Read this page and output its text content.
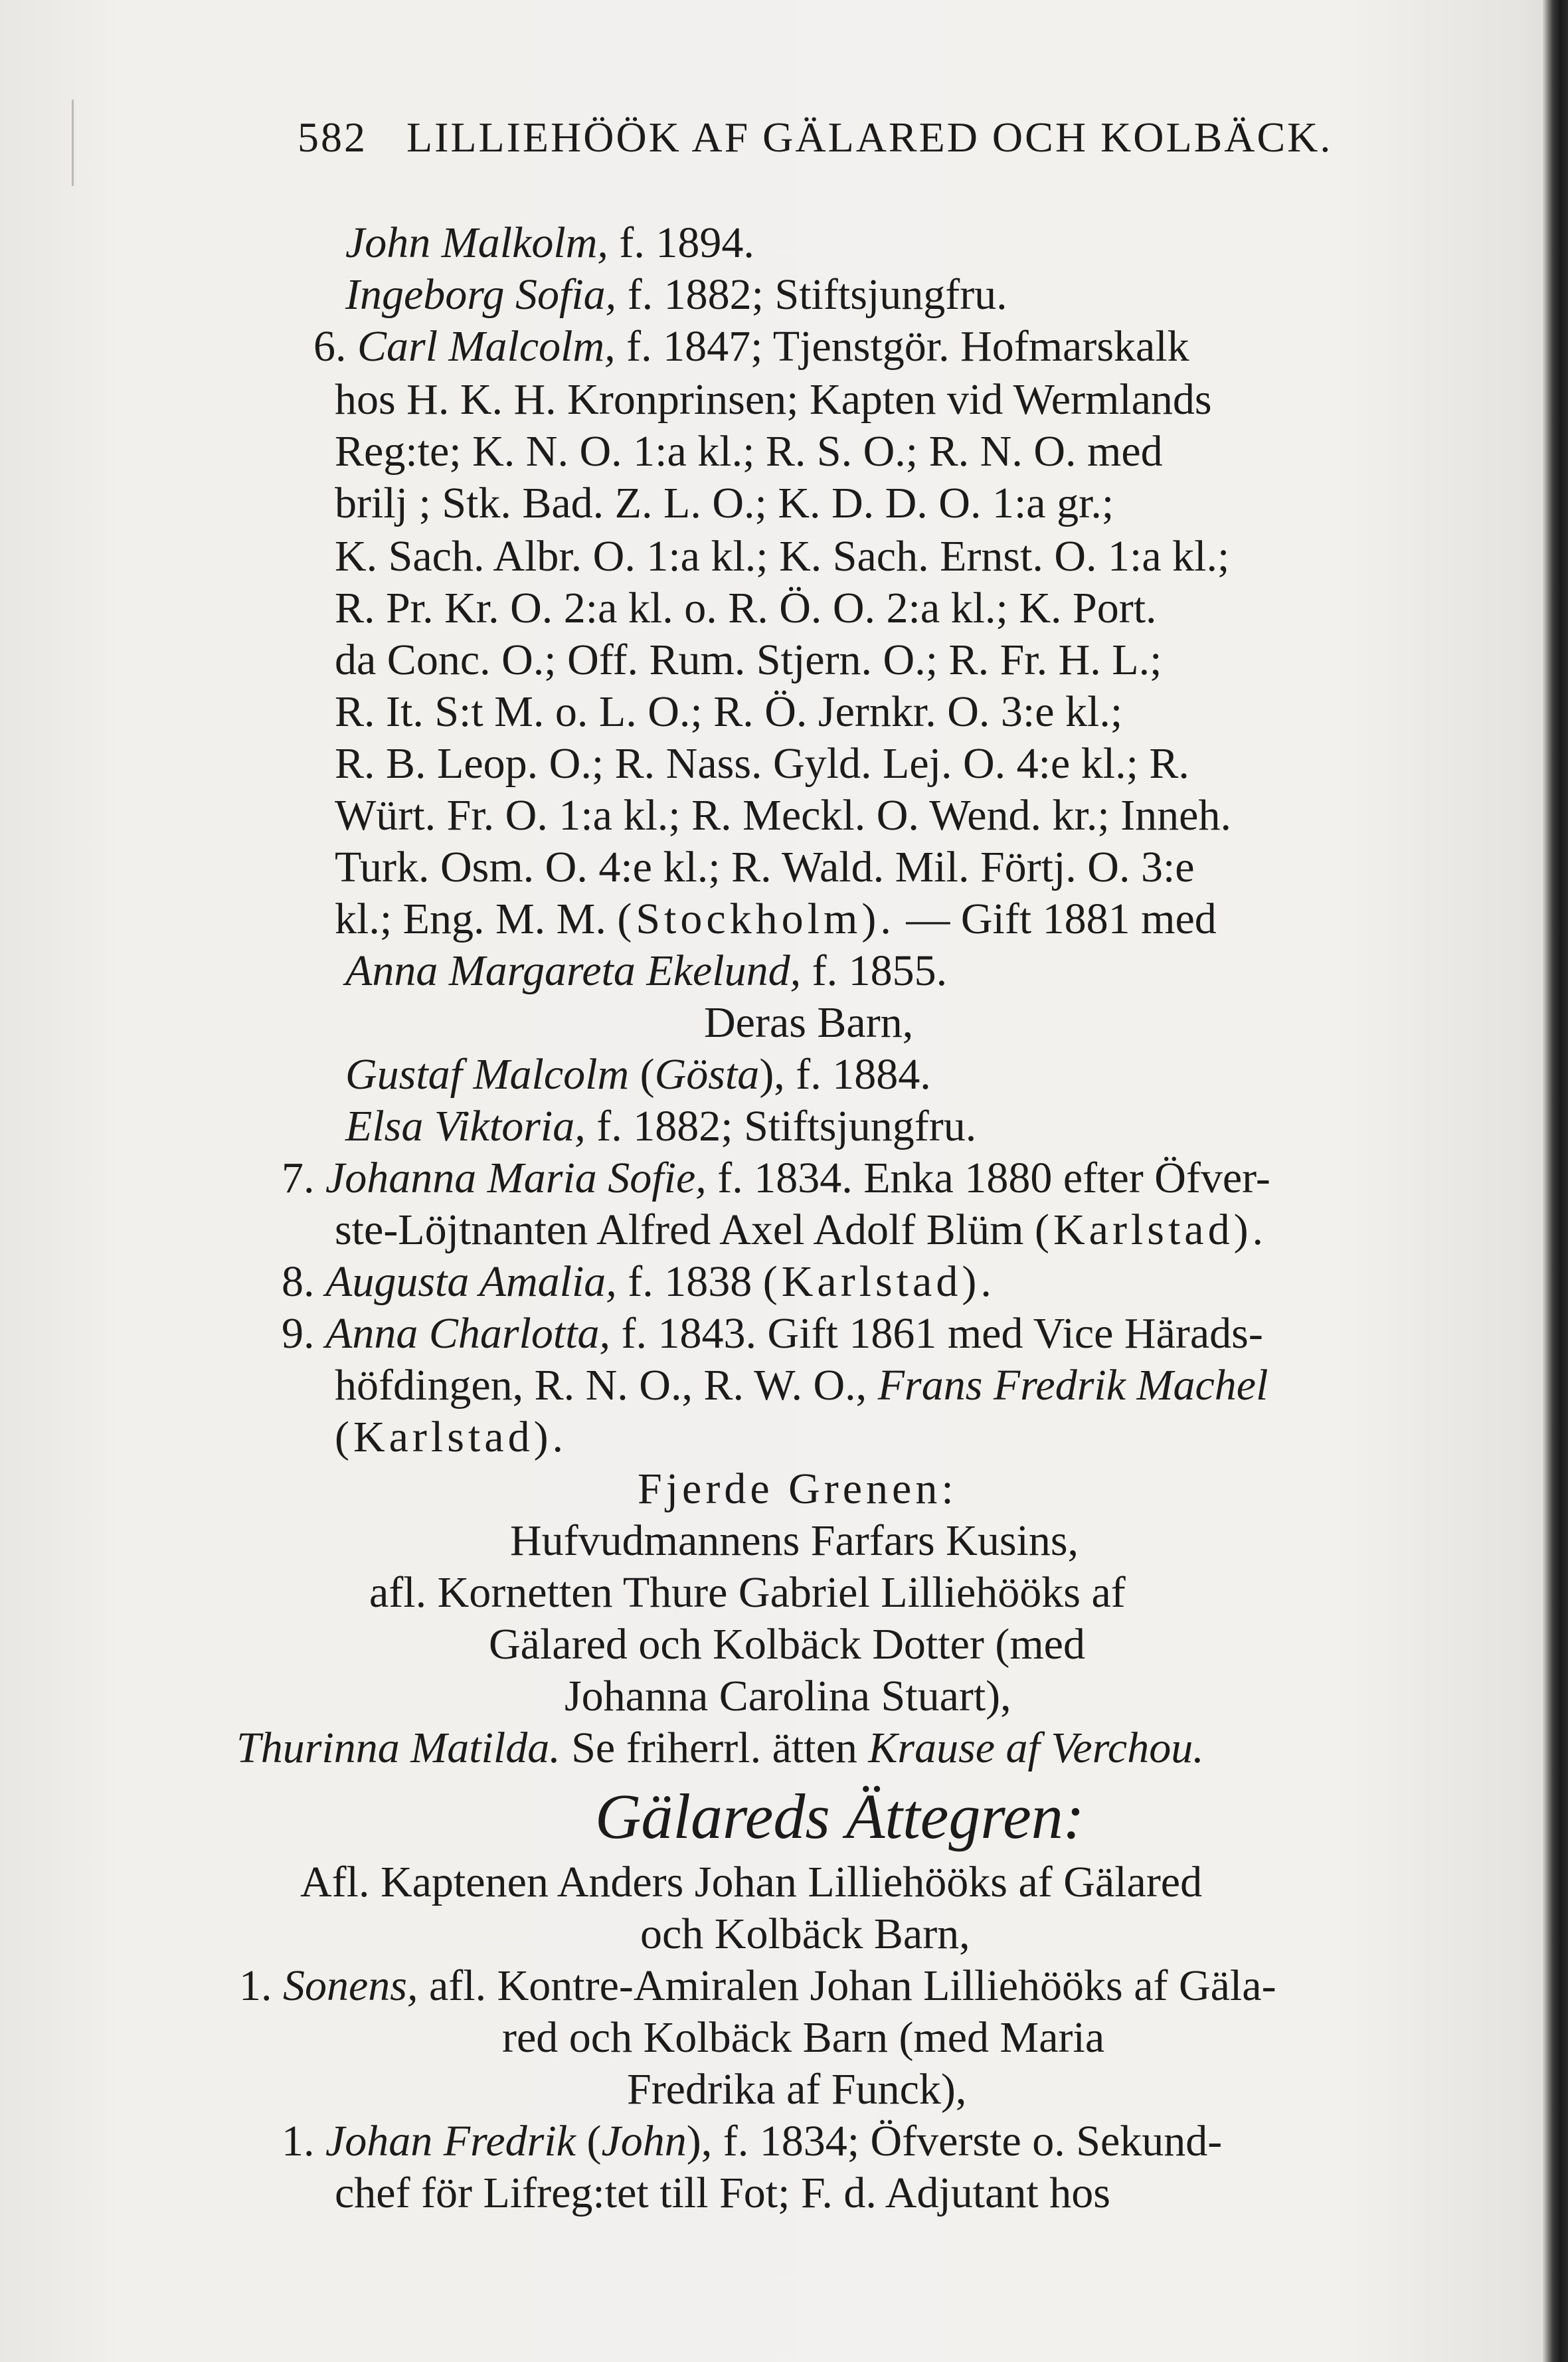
582 LILLIEHÖÖK AF GÄLARED OCH KOLBÄCK.
John Malkolm, f. 1894.
Ingeborg Sofia, f. 1882; Stiftsjungfru.
6. Carl Malcolm, f. 1847; Tjenstgör. Hofmarskalk
hos H. K. H. Kronprinsen; Kapten vid Wermlands
Reg:te; K. N. O. 1:a kl.; R. S. O.; R. N. O. med
brilj ; Stk. Bad. Z. L. O.; K. D. D. O. 1:a gr.;
K. Sach. Albr. O. 1:a kl.; K. Sach. Ernst. O. 1:a kl.;
R. Pr. Kr. O. 2:a kl. o. R. Ö. O. 2:a kl.; K. Port.
da Conc. O.; Off. Rum. Stjern. O.; R. Fr. H. L.;
R. It. S:t M. o. L. O.; R. Ö. Jernkr. O. 3:e kl.;
R. B. Leop. O.; R. Nass. Gyld. Lej. O. 4:e kl.; R.
Würt. Fr. O. 1:a kl.; R. Meckl. O. Wend. kr.; Inneh.
Turk. Osm. O. 4:e kl.; R. Wald. Mil. Förtj. O. 3:e
kl.; Eng. M. M. (Stockholm). — Gift 1881 med
Anna Margareta Ekelund, f. 1855.
Deras Barn,
Gustaf Malcolm (Gösta), f. 1884.
Elsa Viktoria, f. 1882; Stiftsjungfru.
7. Johanna Maria Sofie, f. 1834. Enka 1880 efter Öfver-
ste-Löjtnanten Alfred Axel Adolf Blüm (Karlstad).
8. Augusta Amalia, f. 1838 (Karlstad).
9. Anna Charlotta, f. 1843. Gift 1861 med Vice Härads-
höfdingen, R. N. O., R. W. O., Frans Fredrik Machel
(Karlstad).
Fjerde Grenen:
Hufvudmannens Farfars Kusins,
afl. Kornetten Thure Gabriel Lilliehööks af
Gälared och Kolbäck Dotter (med
Johanna Carolina Stuart),
Thurinna Matilda. Se friherrl. ätten Krause af Verchou.
Gälareds Ättegren:
Afl. Kaptenen Anders Johan Lilliehööks af Gälared
och Kolbäck Barn,
1. Sonens, afl. Kontre-Amiralen Johan Lilliehööks af Gäla-
red och Kolbäck Barn (med Maria
Fredrika af Funck),
1. Johan Fredrik (John), f. 1834; Öfverste o. Sekund-
chef för Lifreg:tet till Fot; F. d. Adjutant hos
